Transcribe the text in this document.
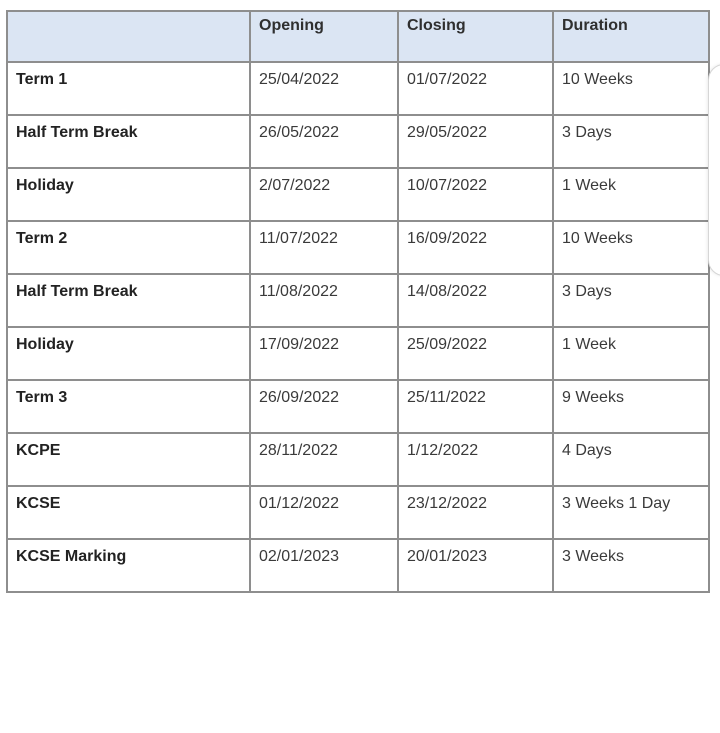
	Opening	Closing	Duration
Term 1	25/04/2022	01/07/2022	10 Weeks
Half Term Break	26/05/2022	29/05/2022	3 Days
Holiday	2/07/2022	10/07/2022	1 Week
Term 2	11/07/2022	16/09/2022	10 Weeks
Half Term Break	11/08/2022	14/08/2022	3 Days
Holiday	17/09/2022	25/09/2022	1 Week
Term 3	26/09/2022	25/11/2022	9 Weeks
KCPE	28/11/2022	1/12/2022	4 Days
KCSE	01/12/2022	23/12/2022	3 Weeks 1 Day
KCSE Marking	02/01/2023	20/01/2023	3 Weeks
